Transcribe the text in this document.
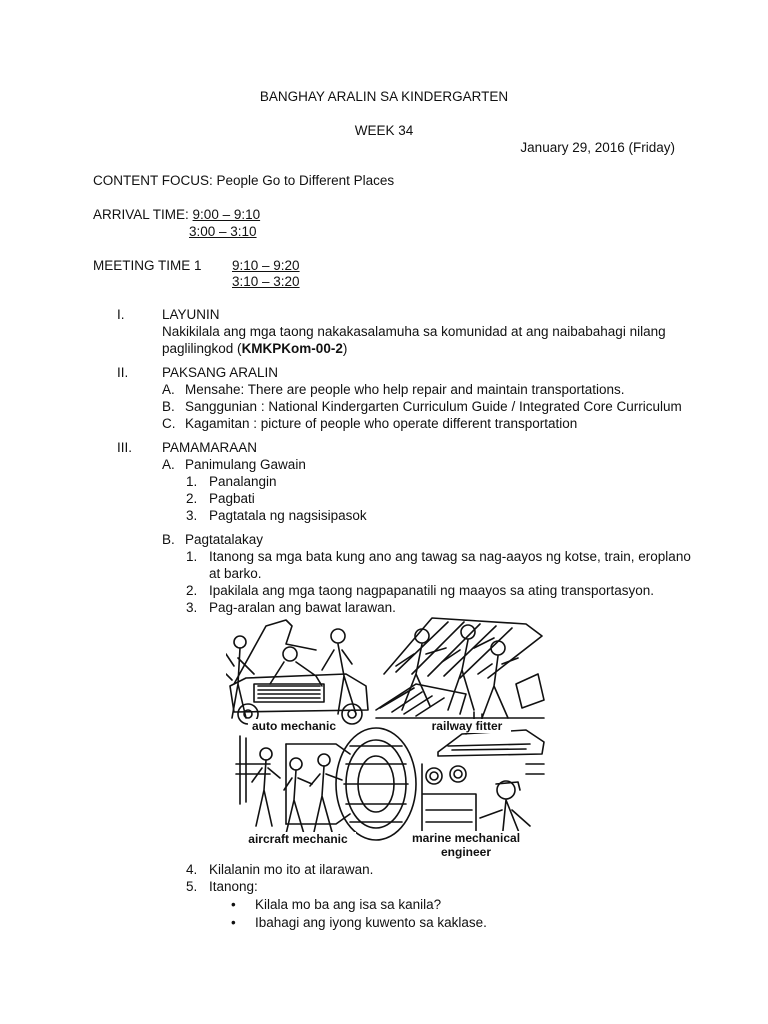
BANGHAY ARALIN SA KINDERGARTEN
WEEK 34
January 29, 2016 (Friday)
CONTENT FOCUS: People Go to Different Places
ARRIVAL TIME: 9:00 – 9:10
3:00 – 3:10
MEETING TIME 1 9:10 – 9:20
3:10 – 3:20
I.	LAYUNIN
Nakikilala ang mga taong nakakasalamuha sa komunidad at ang naibabahagi nilang
paglilingkod (KMKPKom-00-2)
II. PAKSANG ARALIN
A. Mensahe: There are people who help repair and maintain transportations.
B. Sanggunian : National Kindergarten Curriculum Guide / Integrated Core Curriculum
C. Kagamitan : picture of people who operate different transportation
III. PAMAMARAAN
A. Panimulang Gawain
1. Panalangin
2. Pagbati
3. Pagtatala ng nagsisipasok
B. Pagtatalakay
1. Itanong sa mga bata kung ano ang tawag sa nag-aayos ng kotse, train, eroplano
at barko.
2. Ipakilala ang mga taong nagpapanatili ng maayos sa ating transportasyon.
3. Pag-aralan ang bawat larawan.
auto mechanic	railway fitter
aircraft mechanic	marine mechanical engineer
4. Kilalanin mo ito at ilarawan.
5. Itanong:
• Kilala mo ba ang isa sa kanila?
• Ibahagi ang iyong kuwento sa kaklase.
